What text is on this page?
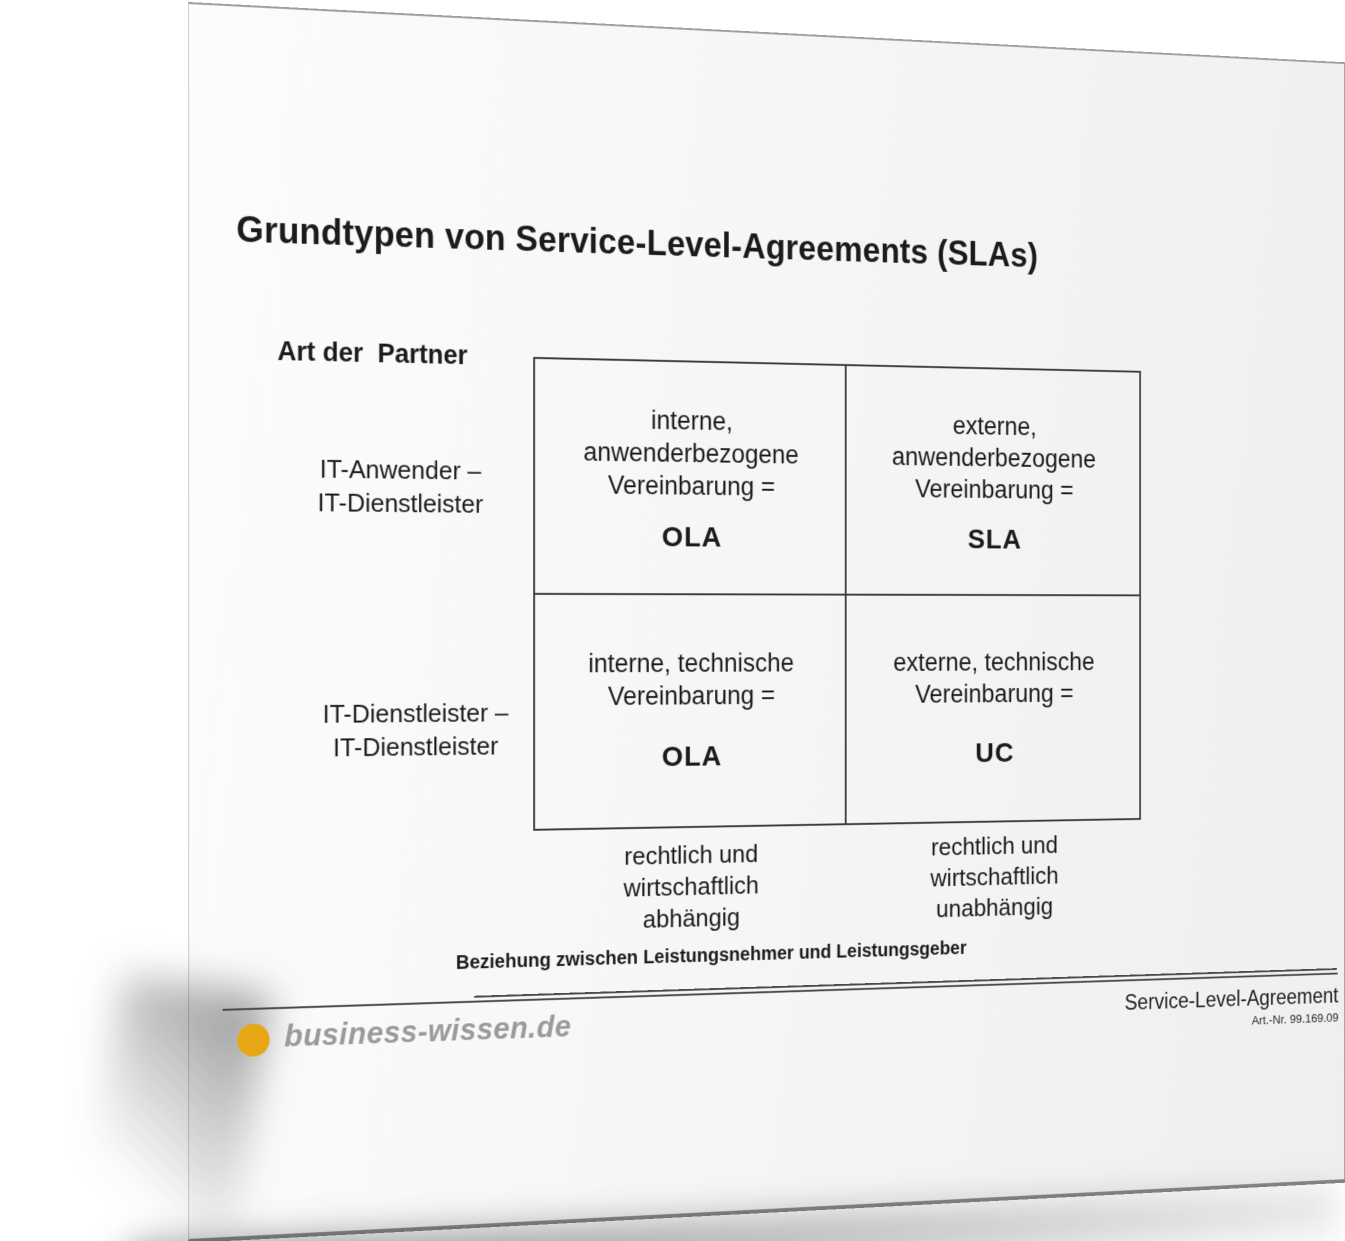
Grundtypen von Service-Level-Agreements (SLAs)
Art der  Partner
IT-Anwender –
IT-Dienstleister
IT-Dienstleister –
IT-Dienstleister
interne,
anwenderbezogene
Vereinbarung =
OLA
externe,
anwenderbezogene
Vereinbarung =
SLA
interne, technische
Vereinbarung =
OLA
externe, technische
Vereinbarung =
UC
rechtlich und
wirtschaftlich
abhängig
rechtlich und
wirtschaftlich
unabhängig
Beziehung zwischen Leistungsnehmer und Leistungsgeber
Service-Level-Agreement
Art.-Nr. 99.169.09
business-wissen.de
